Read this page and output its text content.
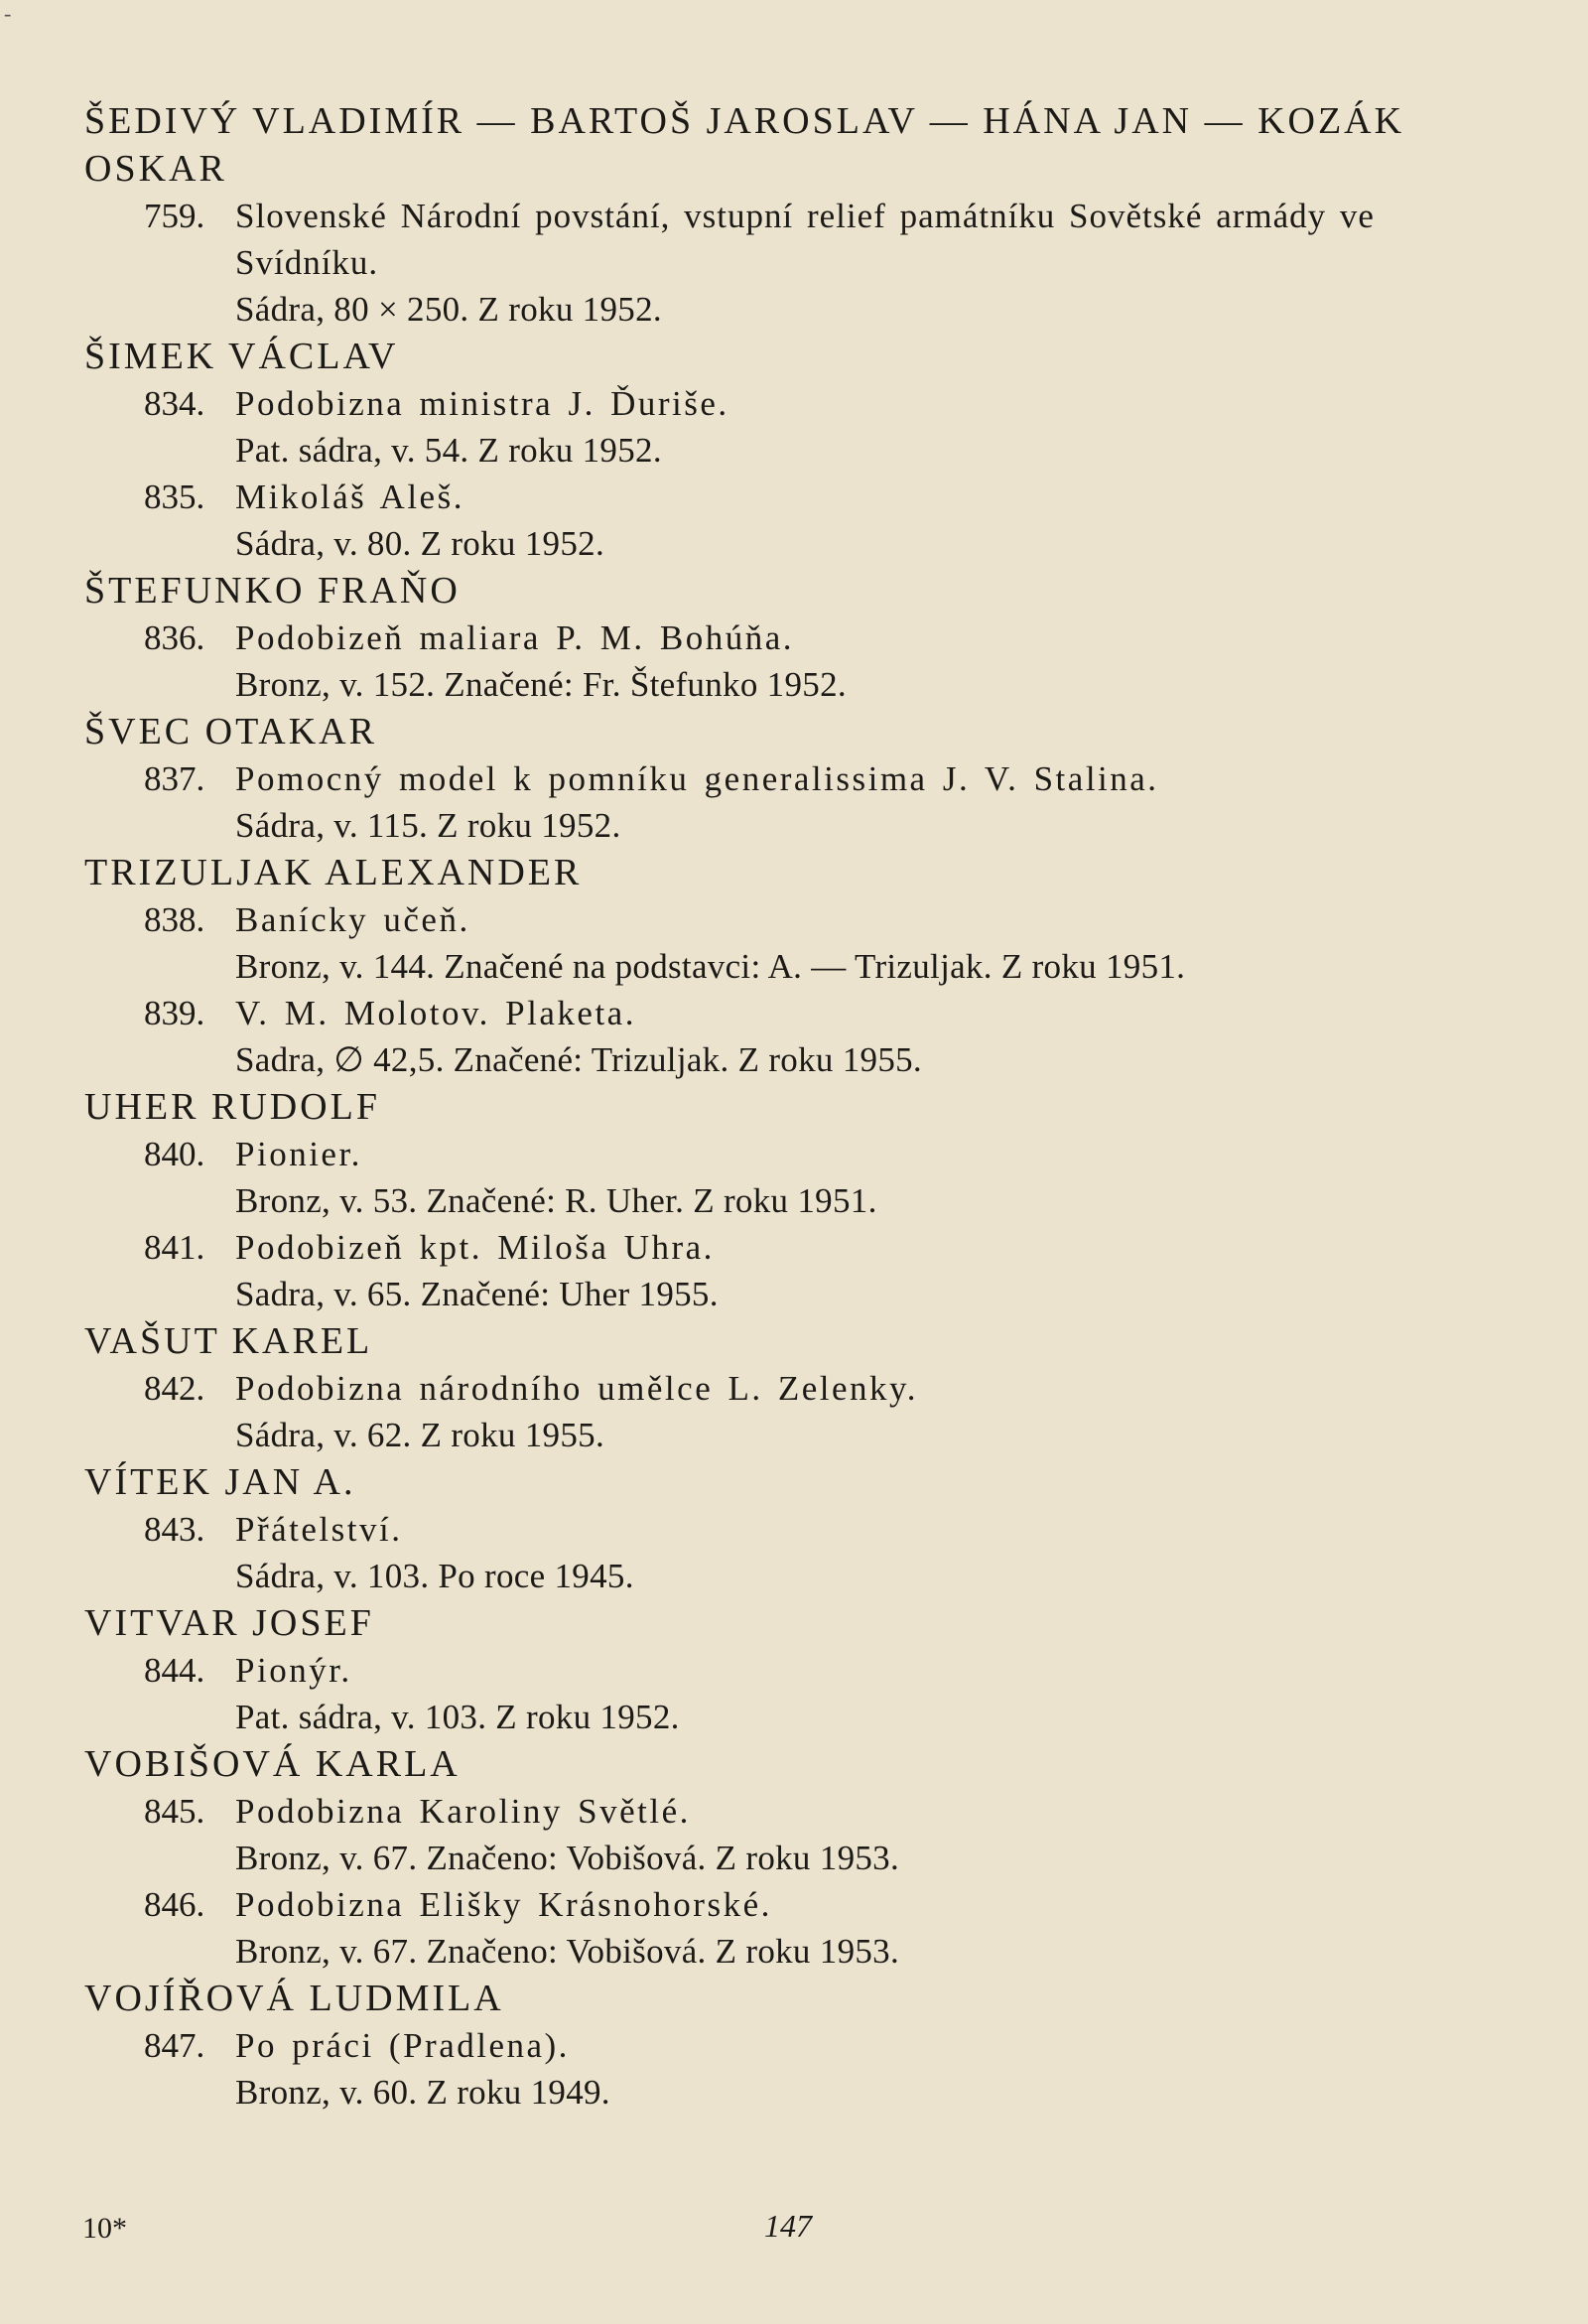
-
ŠEDIVÝ VLADIMÍR — BARTOŠ JAROSLAV — HÁNA JAN — KOZÁK OSKAR
759. Slovenské Národní povstání, vstupní relief památníku Sovětské armády ve Svídníku.
Sádra, 80 × 250. Z roku 1952.
ŠIMEK VÁCLAV
834. Podobizna ministra J. Ďuriše.
Pat. sádra, v. 54. Z roku 1952.
835. Mikoláš Aleš.
Sádra, v. 80. Z roku 1952.
ŠTEFUNKO FRAŇO
836. Podobizeň maliara P. M. Bohúňa.
Bronz, v. 152. Značené: Fr. Štefunko 1952.
ŠVEC OTAKAR
837. Pomocný model k pomníku generalissima J. V. Stalina.
Sádra, v. 115. Z roku 1952.
TRIZULJAK ALEXANDER
838. Banícky učeň.
Bronz, v. 144. Značené na podstavci: A. — Trizuljak. Z roku 1951.
839. V. M. Molotov. Plaketa.
Sadra, ∅ 42,5. Značené: Trizuljak. Z roku 1955.
UHER RUDOLF
840. Pionier.
Bronz, v. 53. Značené: R. Uher. Z roku 1951.
841. Podobizeň kpt. Miloša Uhra.
Sadra, v. 65. Značené: Uher 1955.
VAŠUT KAREL
842. Podobizna národního umělce L. Zelenky.
Sádra, v. 62. Z roku 1955.
VÍTEK JAN A.
843. Přátelství.
Sádra, v. 103. Po roce 1945.
VITVAR JOSEF
844. Pionýr.
Pat. sádra, v. 103. Z roku 1952.
VOBIŠOVÁ KARLA
845. Podobizna Karoliny Světlé.
Bronz, v. 67. Značeno: Vobišová. Z roku 1953.
846. Podobizna Elišky Krásnohorské.
Bronz, v. 67. Značeno: Vobišová. Z roku 1953.
VOJÍŘOVÁ LUDMILA
847. Po práci (Pradlena).
Bronz, v. 60. Z roku 1949.
10*	147
